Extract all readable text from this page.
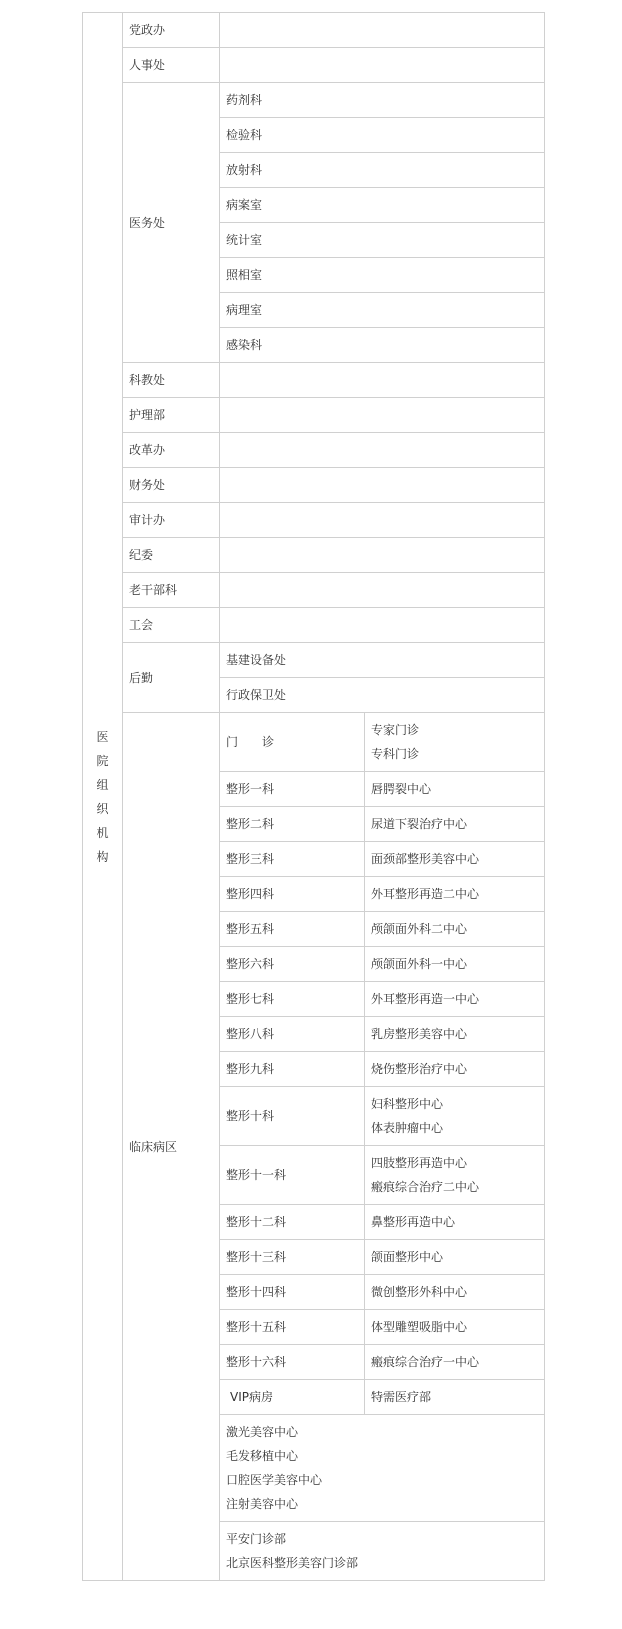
医院组织机构	党政办		
	人事处		
	医务处	药剂科	
		检验科	
		放射科	
		病案室	
		统计室	
		照相室	
		病理室	
		感染科	
	科教处		
	护理部		
	改革办		
	财务处		
	审计办		
	纪委		
	老干部科		
	工会		
	后勤	基建设备处	
		行政保卫处	
	临床病区	门　　诊	专家门诊
专科门诊

		整形一科	唇腭裂中心
		整形二科	尿道下裂治疗中心
		整形三科	面颈部整形美容中心
		整形四科	外耳整形再造二中心
		整形五科	颅颌面外科二中心
		整形六科	颅颌面外科一中心
		整形七科	外耳整形再造一中心
		整形八科	乳房整形美容中心
		整形九科	烧伤整形治疗中心
		整形十科	妇科整形中心
体表肿瘤中心

		整形十一科	四肢整形再造中心
瘢痕综合治疗二中心

		整形十二科	鼻整形再造中心
		整形十三科	颌面整形中心
		整形十四科	微创整形外科中心
		整形十五科	体型雕塑吸脂中心
		整形十六科	瘢痕综合治疗一中心
		VIP病房	特需医疗部

		激光美容中心
毛发移植中心
口腔医学美容中心
注射美容中心	

		平安门诊部
北京医科整形美容门诊部	
